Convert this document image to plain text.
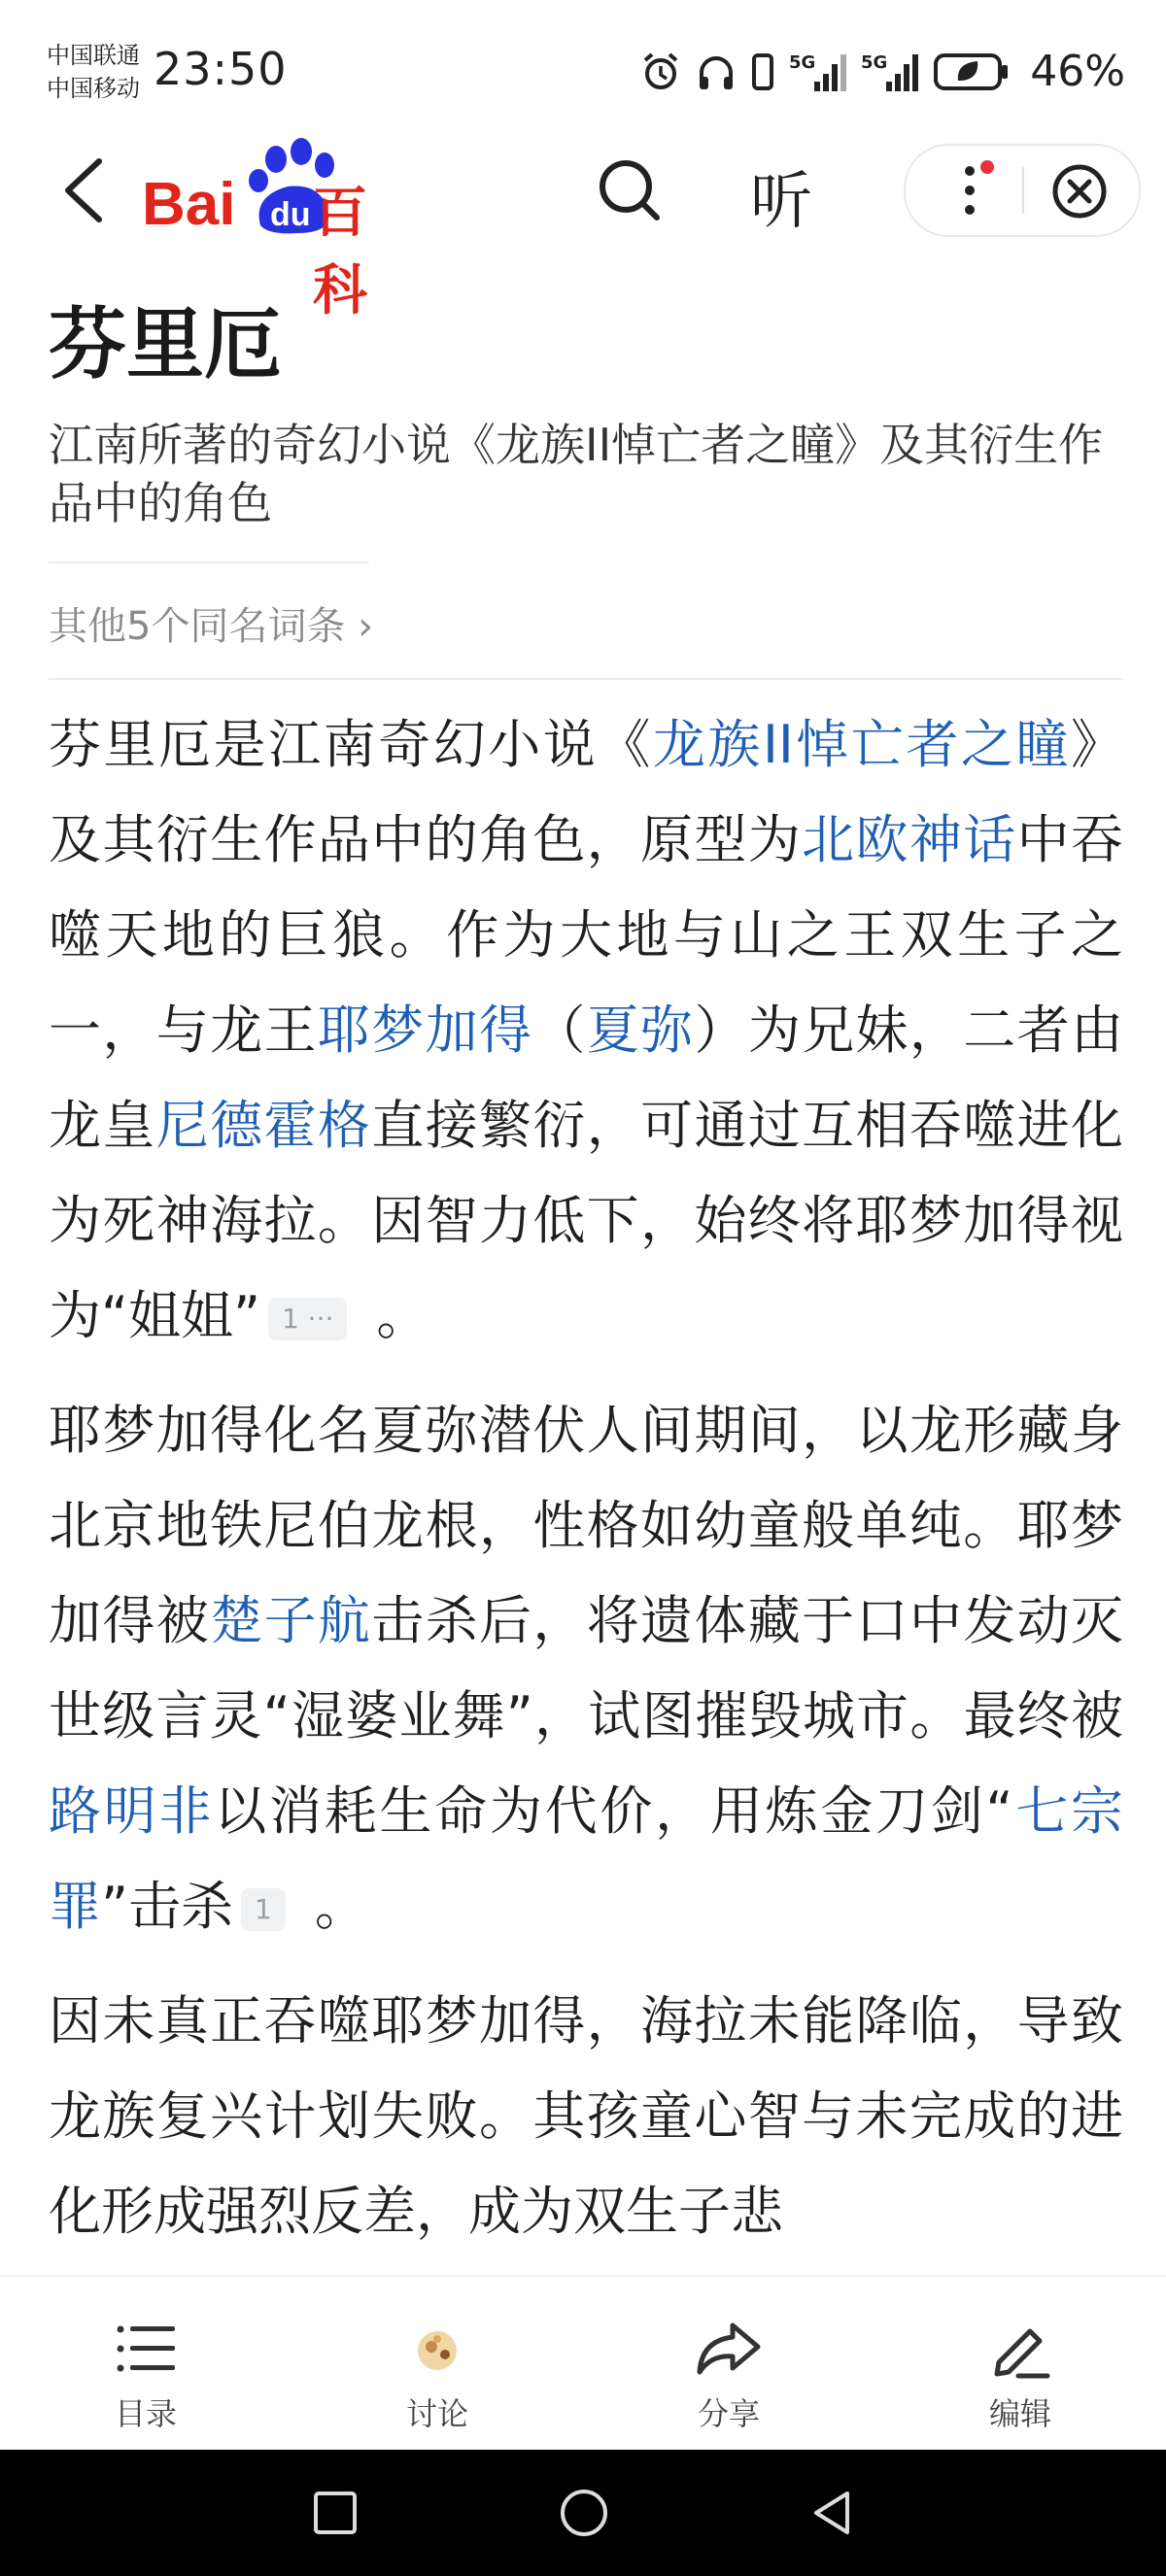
中国联通
中国移动 23:50	5G	5G	46%
Bai du 百科
听
芬里厄
江南所著的奇幻小说《龙族II悼亡者之瞳》及其衍生作品中的角色
其他5个同名词条 ›

芬里厄是江南奇幻小说《龙族II悼亡者之瞳》及其衍生作品中的角色，原型为北欧神话中吞噬天地的巨狼。作为大地与山之王双生子之一，与龙王耶梦加得（夏弥）为兄妹，二者由龙皇尼德霍格直接繁衍，可通过互相吞噬进化为死神海拉。因智力低下，始终将耶梦加得视为“姐姐” 1 ··· 。

耶梦加得化名夏弥潜伏人间期间，以龙形藏身北京地铁尼伯龙根，性格如幼童般单纯。耶梦加得被楚子航击杀后，将遗体藏于口中发动灭世级言灵“湿婆业舞”，试图摧毁城市。最终被路明非以消耗生命为代价，用炼金刀剑“七宗罪”击杀 1 。

因未真正吞噬耶梦加得，海拉未能降临，导致龙族复兴计划失败。其孩童心智与未完成的进化形成强烈反差，成为双生子悲

目录	讨论	分享	编辑
